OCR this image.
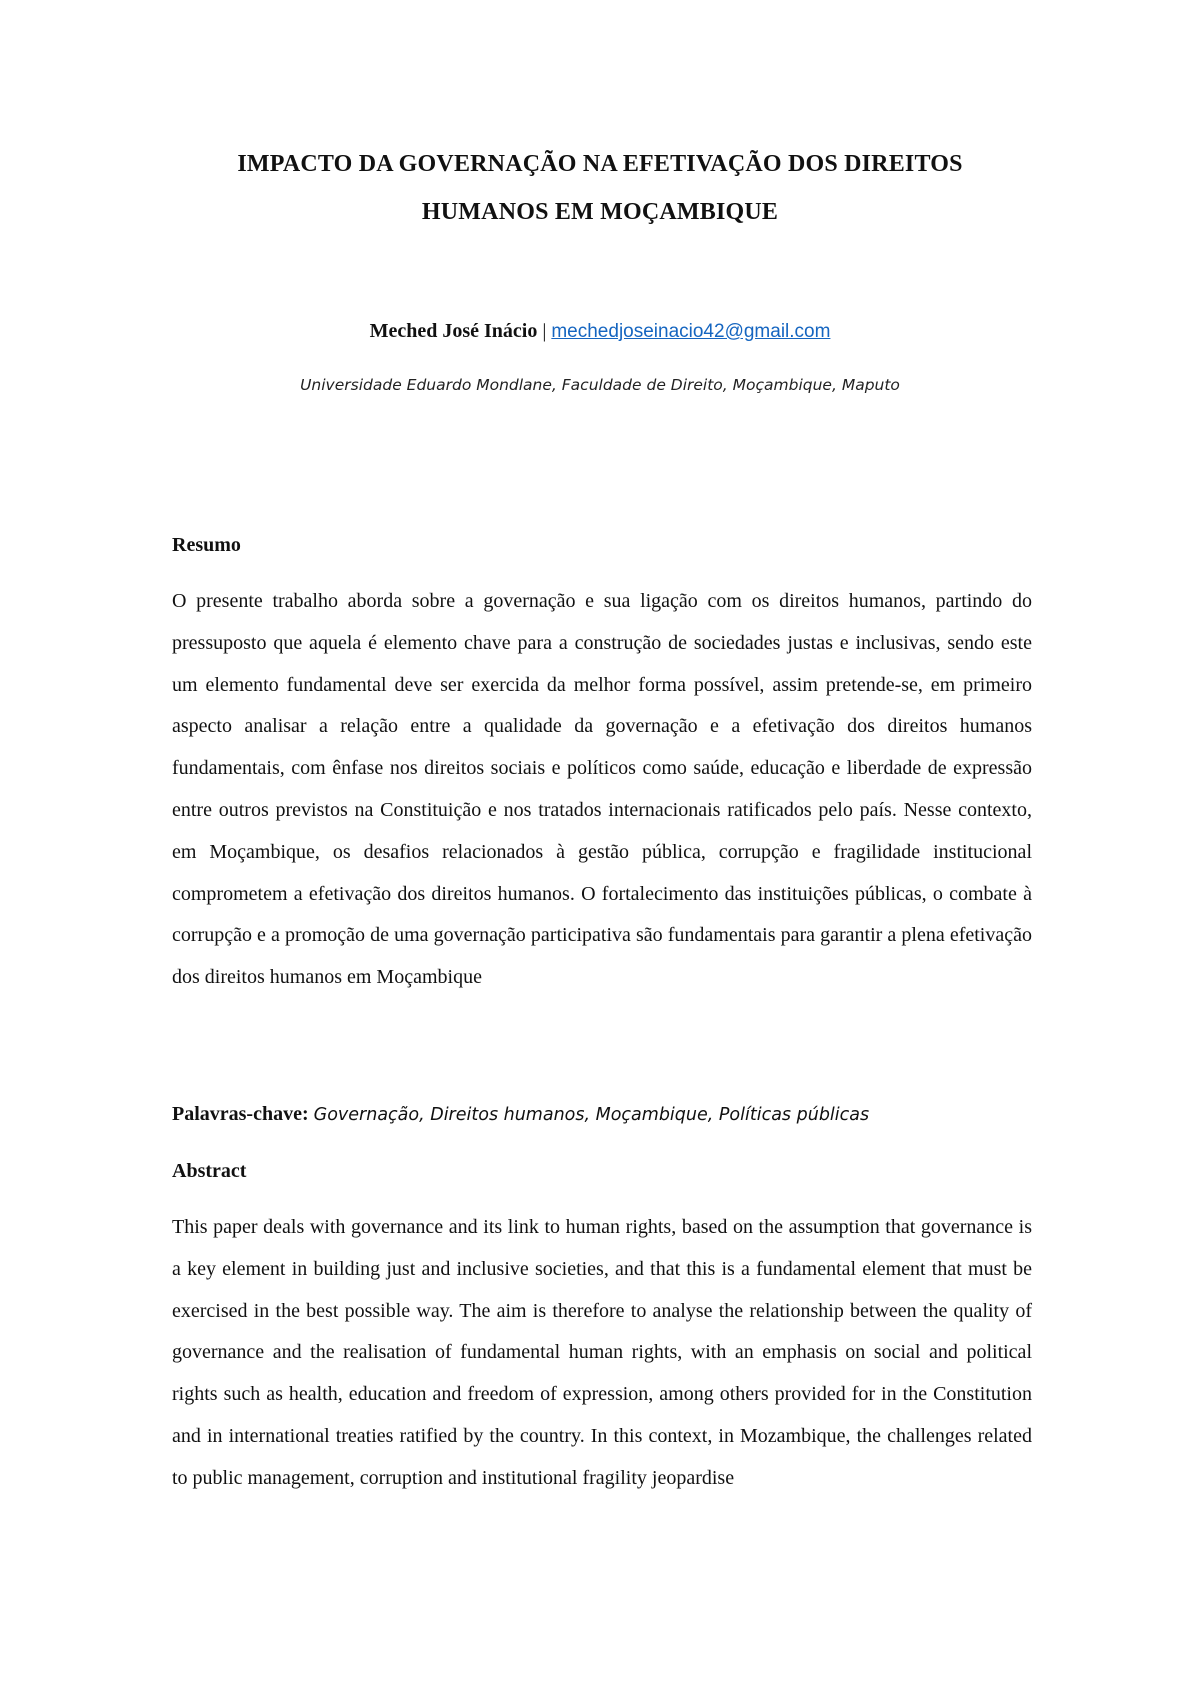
IMPACTO DA GOVERNAÇÃO NA EFETIVAÇÃO DOS DIREITOS
HUMANOS EM MOÇAMBIQUE
Meched José Inácio | mechedjoseinacio42@gmail.com
Universidade Eduardo Mondlane, Faculdade de Direito, Moçambique, Maputo
Resumo

O presente trabalho aborda sobre a governação e sua ligação com os direitos humanos, partindo do pressuposto que aquela é elemento chave para a construção de sociedades justas e inclusivas, sendo este um elemento fundamental deve ser exercida da melhor forma possível, assim pretende-se, em primeiro aspecto analisar a relação entre a qualidade da governação e a efetivação dos direitos humanos fundamentais, com ênfase nos direitos sociais e políticos como saúde, educação e liberdade de expressão entre outros previstos na Constituição e nos tratados internacionais ratificados pelo país. Nesse contexto, em Moçambique, os desafios relacionados à gestão pública, corrupção e fragilidade institucional comprometem a efetivação dos direitos humanos. O fortalecimento das instituições públicas, o combate à corrupção e a promoção de uma governação participativa são fundamentais para garantir a plena efetivação dos direitos humanos em Moçambique

Palavras-chave: Governação, Direitos humanos, Moçambique, Políticas públicas
Abstract

This paper deals with governance and its link to human rights, based on the assumption that governance is a key element in building just and inclusive societies, and that this is a fundamental element that must be exercised in the best possible way. The aim is therefore to analyse the relationship between the quality of governance and the realisation of fundamental human rights, with an emphasis on social and political rights such as health, education and freedom of expression, among others provided for in the Constitution and in international treaties ratified by the country. In this context, in Mozambique, the challenges related to public management, corruption and institutional fragility jeopardise
